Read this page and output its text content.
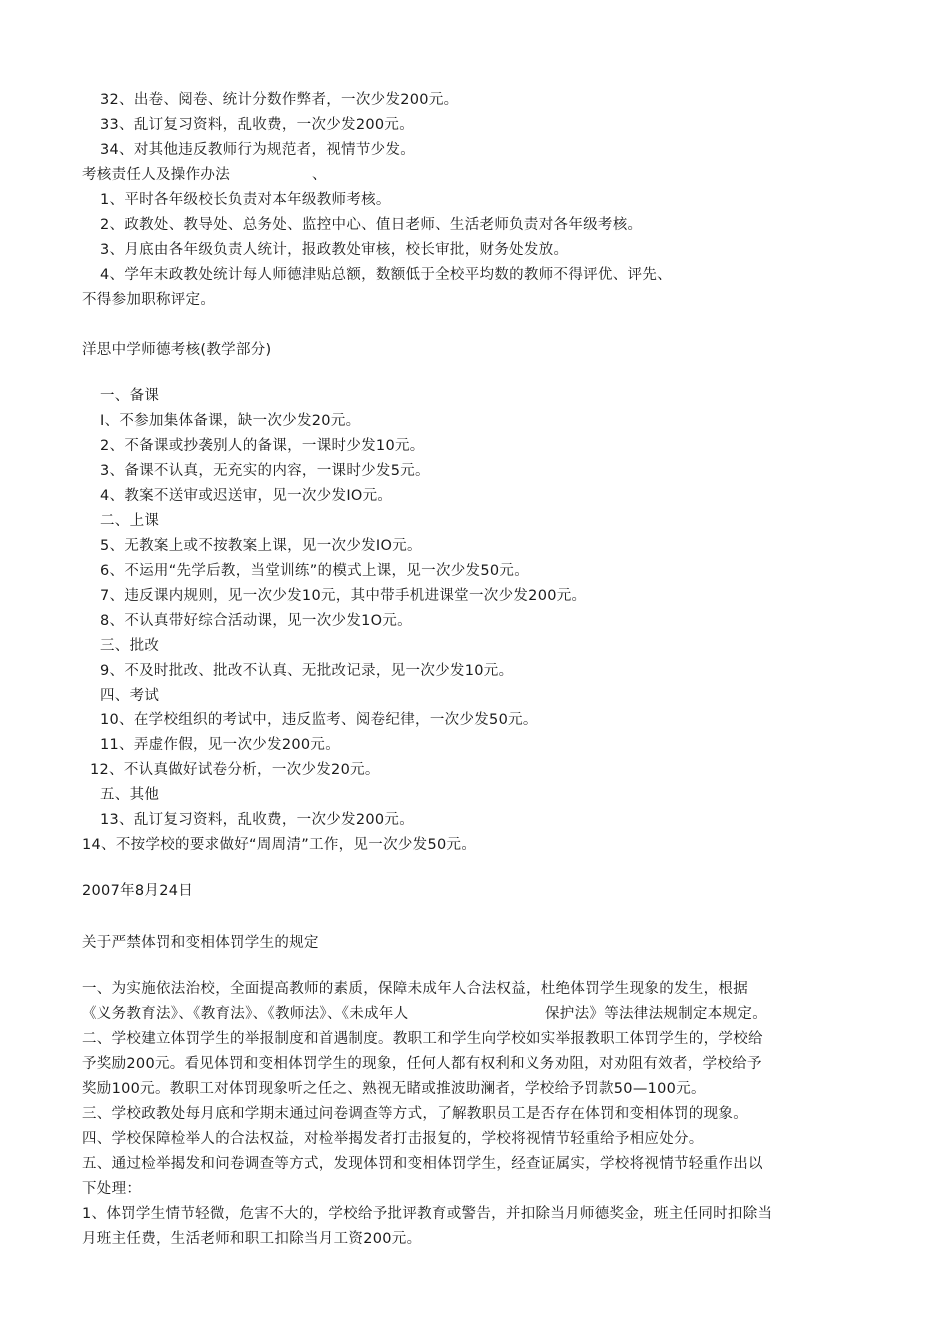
32、出卷、阅卷、统计分数作弊者，一次少发200元。
33、乱订复习资料，乱收费，一次少发200元。
34、对其他违反教师行为规范者，视情节少发。
考核责任人及操作办法	、
1、平时各年级校长负责对本年级教师考核。
2、政教处、教导处、总务处、监控中心、值日老师、生活老师负责对各年级考核。
3、月底由各年级负责人统计，报政教处审核，校长审批，财务处发放。
4、学年末政教处统计每人师德津贴总额，数额低于全校平均数的教师不得评优、评先、
不得参加职称评定。
洋思中学师德考核(教学部分)
一、备课
I、不参加集体备课，缺一次少发20元。
2、不备课或抄袭别人的备课，一课时少发10元。
3、备课不认真，无充实的内容，一课时少发5元。
4、教案不送审或迟送审，见一次少发IO元。
二、上课
5、无教案上或不按教案上课，见一次少发IO元。
6、不运用“先学后教，当堂训练”的模式上课，见一次少发50元。
7、违反课内规则，见一次少发10元，其中带手机进课堂一次少发200元。
8、不认真带好综合活动课，见一次少发1O元。
三、批改
9、不及时批改、批改不认真、无批改记录，见一次少发10元。
四、考试
10、在学校组织的考试中，违反监考、阅卷纪律，一次少发50元。
11、弄虚作假，见一次少发200元。
12、不认真做好试卷分析，一次少发20元。
五、其他
13、乱订复习资料，乱收费，一次少发200元。
14、不按学校的要求做好“周周清”工作，见一次少发50元。
2007年8月24日
关于严禁体罚和变相体罚学生的规定
一、为实施依法治校，全面提高教师的素质，保障未成年人合法权益，杜绝体罚学生现象的发生，根据
《义务教育法》、《教育法》、《教师法》、《未成年人	保护法》等法律法规制定本规定。
二、学校建立体罚学生的举报制度和首遇制度。教职工和学生向学校如实举报教职工体罚学生的，学校给
予奖励200元。看见体罚和变相体罚学生的现象，任何人都有权利和义务劝阻，对劝阻有效者，学校给予
奖励100元。教职工对体罚现象听之任之、熟视无睹或推波助澜者，学校给予罚款50—100元。
三、学校政教处每月底和学期末通过问卷调查等方式，了解教职员工是否存在体罚和变相体罚的现象。
四、学校保障检举人的合法权益，对检举揭发者打击报复的，学校将视情节轻重给予相应处分。
五、通过检举揭发和问卷调查等方式，发现体罚和变相体罚学生，经查证属实，学校将视情节轻重作出以
下处理：
1、体罚学生情节轻微，危害不大的，学校给予批评教育或警告，并扣除当月师德奖金，班主任同时扣除当
月班主任费，生活老师和职工扣除当月工资200元。
